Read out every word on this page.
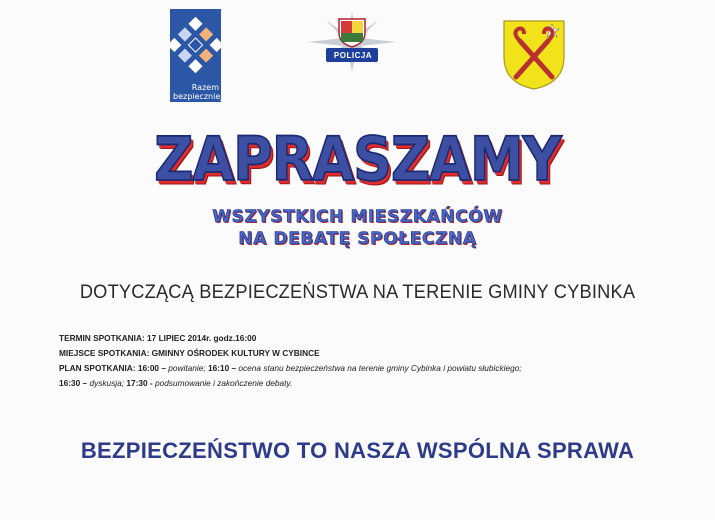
Razem
bezpieczniej
POLICJA
ZAPRASZAMY
WSZYSTKICH MIESZKAŃCÓW
NA DEBATĘ SPOŁECZNĄ
DOTYCZĄCĄ BEZPIECZEŃSTWA NA TERENIE GMINY CYBINKA
TERMIN SPOTKANIA: 17 LIPIEC 2014r. godz.16:00
MIEJSCE SPOTKANIA: GMINNY OŚRODEK KULTURY W CYBINCE
PLAN SPOTKANIA: 16:00 – powitanie; 16:10 – ocena stanu bezpieczeństwa na terenie gminy Cybinka i powiatu słubickiego;
16:30 – dyskusja; 17:30 - podsumowanie i zakończenie debaty.
BEZPIECZEŃSTWO TO NASZA WSPÓLNA SPRAWA
